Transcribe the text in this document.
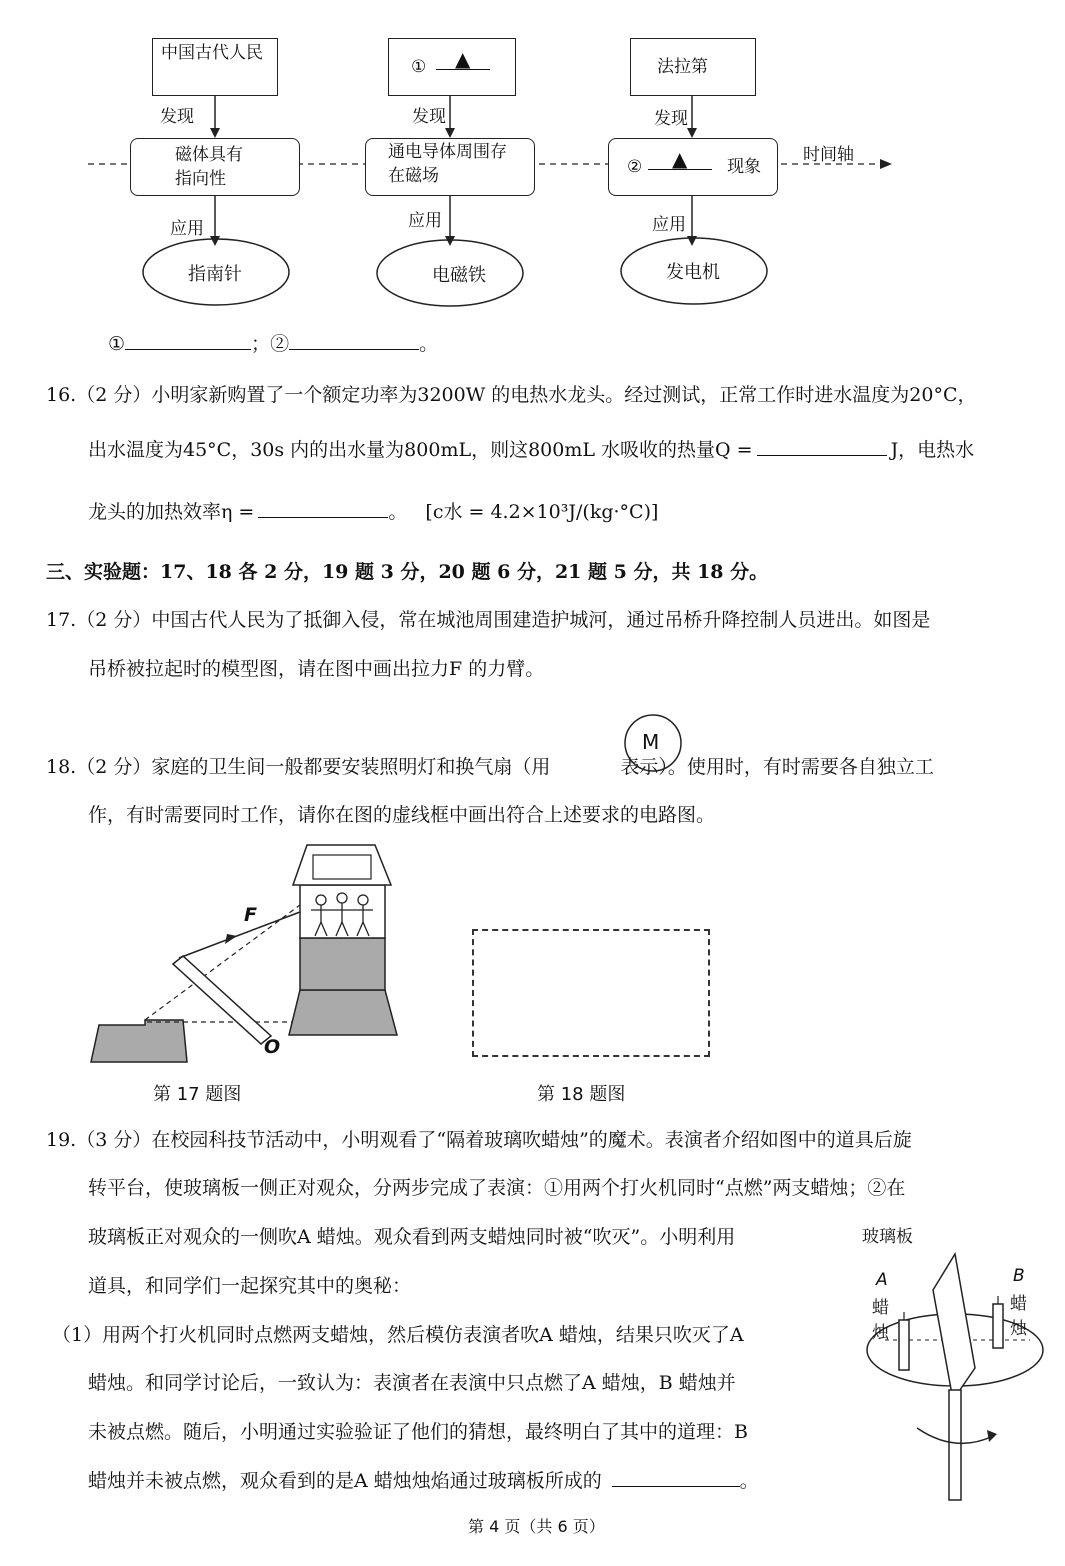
时间轴
中国古代人民
发现
磁体具有指向性
应用
指南针
① ▲
发现
通电导体周围存在磁场
应用
电磁铁
法拉第
发现
② ▲ 现象
应用
发电机
①	；②	。
16.（2 分）小明家新购置了一个额定功率为3200W 的电热水龙头。经过测试，正常工作时进水温度为20°C，
出水温度为45°C，30s 内的出水量为800mL，则这800mL 水吸收的热量Q =	J，电热水
龙头的加热效率η =	。 [c水 = 4.2×10³J/(kg·°C)]
三、实验题：17、18 各 2 分，19 题 3 分，20 题 6 分，21 题 5 分，共 18 分。
17.（2 分）中国古代人民为了抵御入侵，常在城池周围建造护城河，通过吊桥升降控制人员进出。如图是
吊桥被拉起时的模型图，请在图中画出拉力F 的力臂。
18.（2 分）家庭的卫生间一般都要安装照明灯和换气扇（用	表示）。使用时，有时需要各自独立工
M
作，有时需要同时工作，请你在图的虚线框中画出符合上述要求的电路图。
F
O
第 17 题图	第 18 题图
19.（3 分）在校园科技节活动中，小明观看了“隔着玻璃吹蜡烛”的魔术。表演者介绍如图中的道具后旋
转平台，使玻璃板一侧正对观众，分两步完成了表演：①用两个打火机同时“点燃”两支蜡烛；②在
玻璃板正对观众的一侧吹A 蜡烛。观众看到两支蜡烛同时被“吹灭”。小明利用
道具，和同学们一起探究其中的奥秘：
（1）用两个打火机同时点燃两支蜡烛，然后模仿表演者吹A 蜡烛，结果只吹灭了A
蜡烛。和同学讨论后，一致认为：表演者在表演中只点燃了A 蜡烛，B 蜡烛并
未被点燃。随后，小明通过实验验证了他们的猜想，最终明白了其中的道理：B
蜡烛并未被点燃，观众看到的是A 蜡烛烛焰通过玻璃板所成的	。
玻璃板
A
蜡
烛
B
蜡
烛
第 4 页（共 6 页）
